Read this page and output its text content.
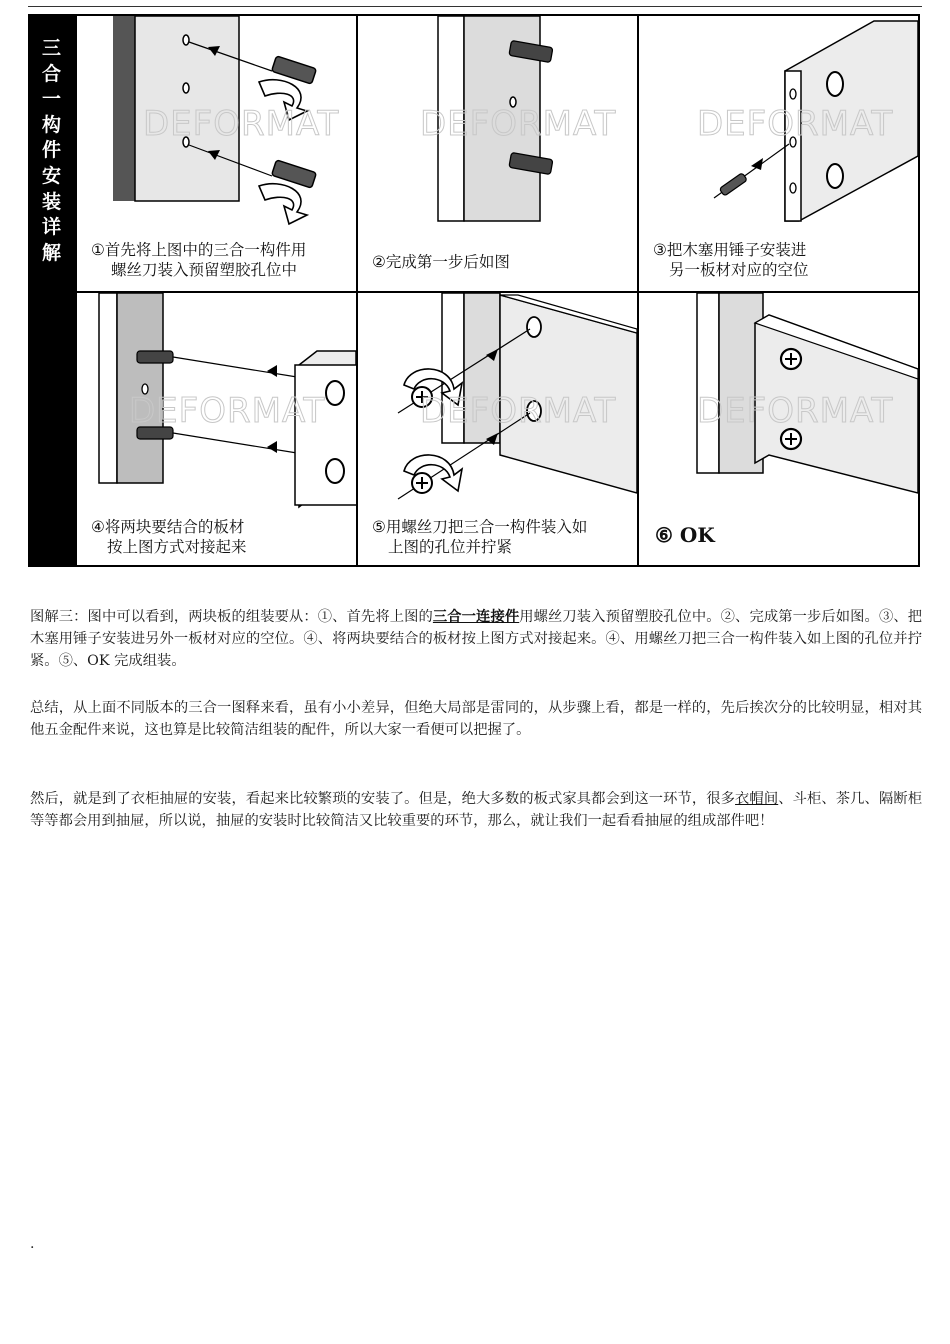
三
合
一
构
件
安
装
详
解
DEFORMAT
①首先将上图中的三合一构件用
螺丝刀装入预留塑胶孔位中
DEFORMAT
②完成第一步后如图
DEFORMAT
③把木塞用锤子安装进
另一板材对应的空位
DEFORMAT
④将两块要结合的板材
按上图方式对接起来
DEFORMAT
⑤用螺丝刀把三合一构件装入如
上图的孔位并拧紧
DEFORMAT
⑥ OK

图解三：图中可以看到，两块板的组装要从：①、首先将上图的三合一连接件用螺丝刀装入预留塑胶孔位中。②、完成第一步后如图。③、把木塞用锤子安装进另外一板材对应的空位。④、将两块要结合的板材按上图方式对接起来。④、用螺丝刀把三合一构件装入如上图的孔位并拧紧。⑤、OK 完成组装。

总结，从上面不同版本的三合一图释来看，虽有小小差异，但绝大局部是雷同的，从步骤上看，都是一样的，先后挨次分的比较明显，相对其他五金配件来说，这也算是比较简洁组装的配件，所以大家一看便可以把握了。

然后，就是到了衣柜抽屉的安装，看起来比较繁琐的安装了。但是，绝大多数的板式家具都会到这一环节，很多衣帽间、斗柜、茶几、隔断柜等等都会用到抽屉，所以说，抽屉的安装时比较简洁又比较重要的环节，那么，就让我们一起看看抽屉的组成部件吧！

.
